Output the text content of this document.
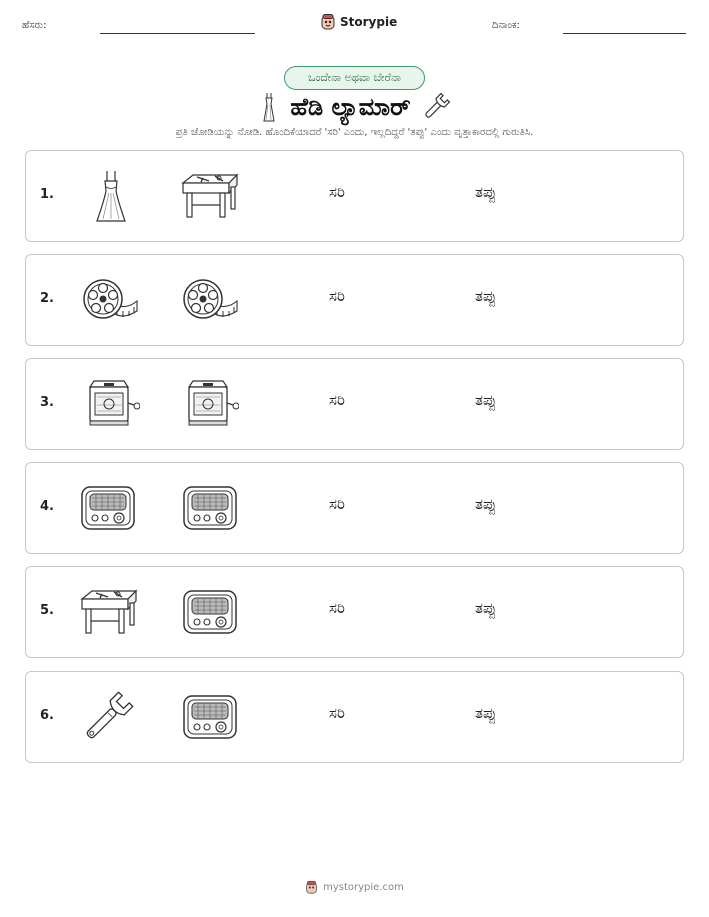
ಹೆಸರು:	Storypie	ದಿನಾಂಕ:
ಒಂದೇನಾ ಅಥವಾ ಬೇರೆನಾ
ಹೆಡಿ ಲ್ಯಾಮಾರ್
ಪ್ರತಿ ಜೋಡಿಯನ್ನು ನೋಡಿ. ಹೊಂದಿಕೆಯಾದರೆ 'ಸರಿ' ಎಂದು, ಇಲ್ಲದಿದ್ದರೆ 'ತಪ್ಪು' ಎಂದು ವೃತ್ತಾಕಾರದಲ್ಲಿ ಗುರುತಿಸಿ.
1.	ಸರಿ	ತಪ್ಪು
2.	ಸರಿ	ತಪ್ಪು
3.	ಸರಿ	ತಪ್ಪು
4.	ಸರಿ	ತಪ್ಪು
5.	ಸರಿ	ತಪ್ಪು
6.	ಸರಿ	ತಪ್ಪು
mystorypie.com
